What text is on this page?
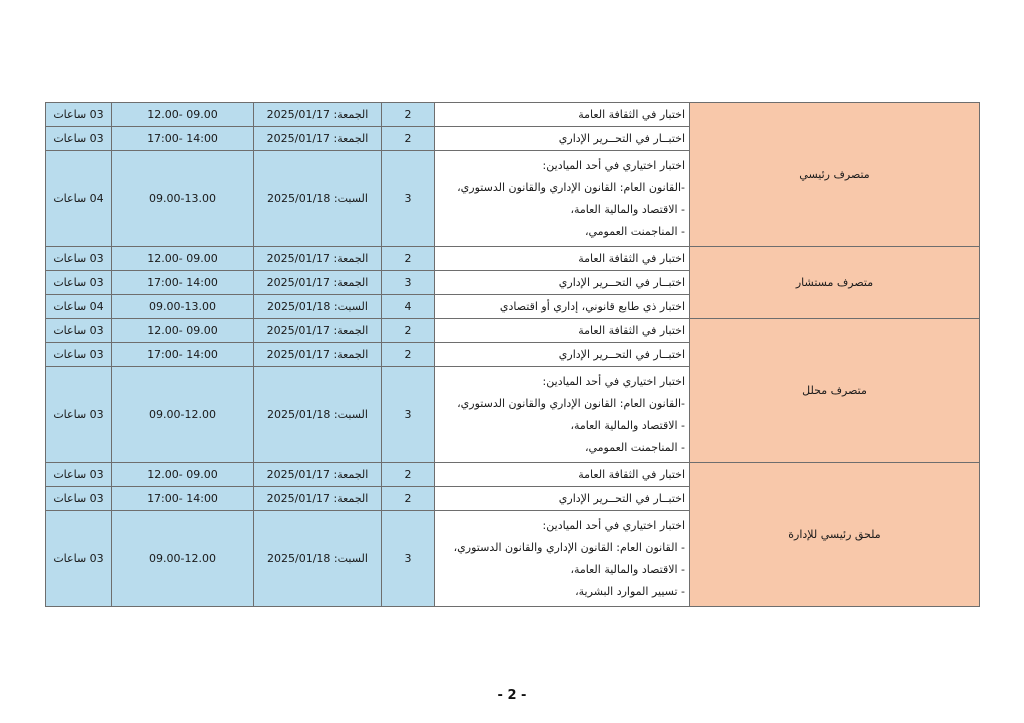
متصرف رئيسي	اختبار في الثقافة العامة	2	الجمعة: 2025/01/17	09.00 -12.00	03 ساعات

	اختبــار في التحــرير الإداري	2	الجمعة: 2025/01/17	14:00 -17:00	03 ساعات

	اختبار اختياري في أحد الميادين:
-القانون العام: القانون الإداري والقانون الدستوري،
- الاقتصاد والمالية العامة،
- المناجمنت العمومي،	3	السبت: 2025/01/18	09.00-13.00	04 ساعات
متصرف مستشار	اختبار في الثقافة العامة	2	الجمعة: 2025/01/17	09.00 -12.00	03 ساعات

	اختبــار في التحــرير الإداري	3	الجمعة: 2025/01/17	14:00 -17:00	03 ساعات

	اختبار ذي طابع قانوني، إداري أو اقتصادي	4	السبت: 2025/01/18	09.00-13.00	04 ساعات
متصرف محلل	اختبار في الثقافة العامة	2	الجمعة: 2025/01/17	09.00 -12.00	03 ساعات

	اختبــار في التحــرير الإداري	2	الجمعة: 2025/01/17	14:00 -17:00	03 ساعات

	اختبار اختياري في أحد الميادين:
-القانون العام: القانون الإداري والقانون الدستوري،
- الاقتصاد والمالية العامة،
- المناجمنت العمومي،	3	السبت: 2025/01/18	09.00-12.00	03 ساعات
ملحق رئيسي للإدارة	اختبار في الثقافة العامة	2	الجمعة: 2025/01/17	09.00 -12.00	03 ساعات

	اختبــار في التحــرير الإداري	2	الجمعة: 2025/01/17	14:00 -17:00	03 ساعات

	اختبار اختياري في أحد الميادين:
- القانون العام: القانون الإداري والقانون الدستوري،
- الاقتصاد والمالية العامة،
- تسيير الموارد البشرية،	3	السبت: 2025/01/18	09.00-12.00	03 ساعات
- 2 -
